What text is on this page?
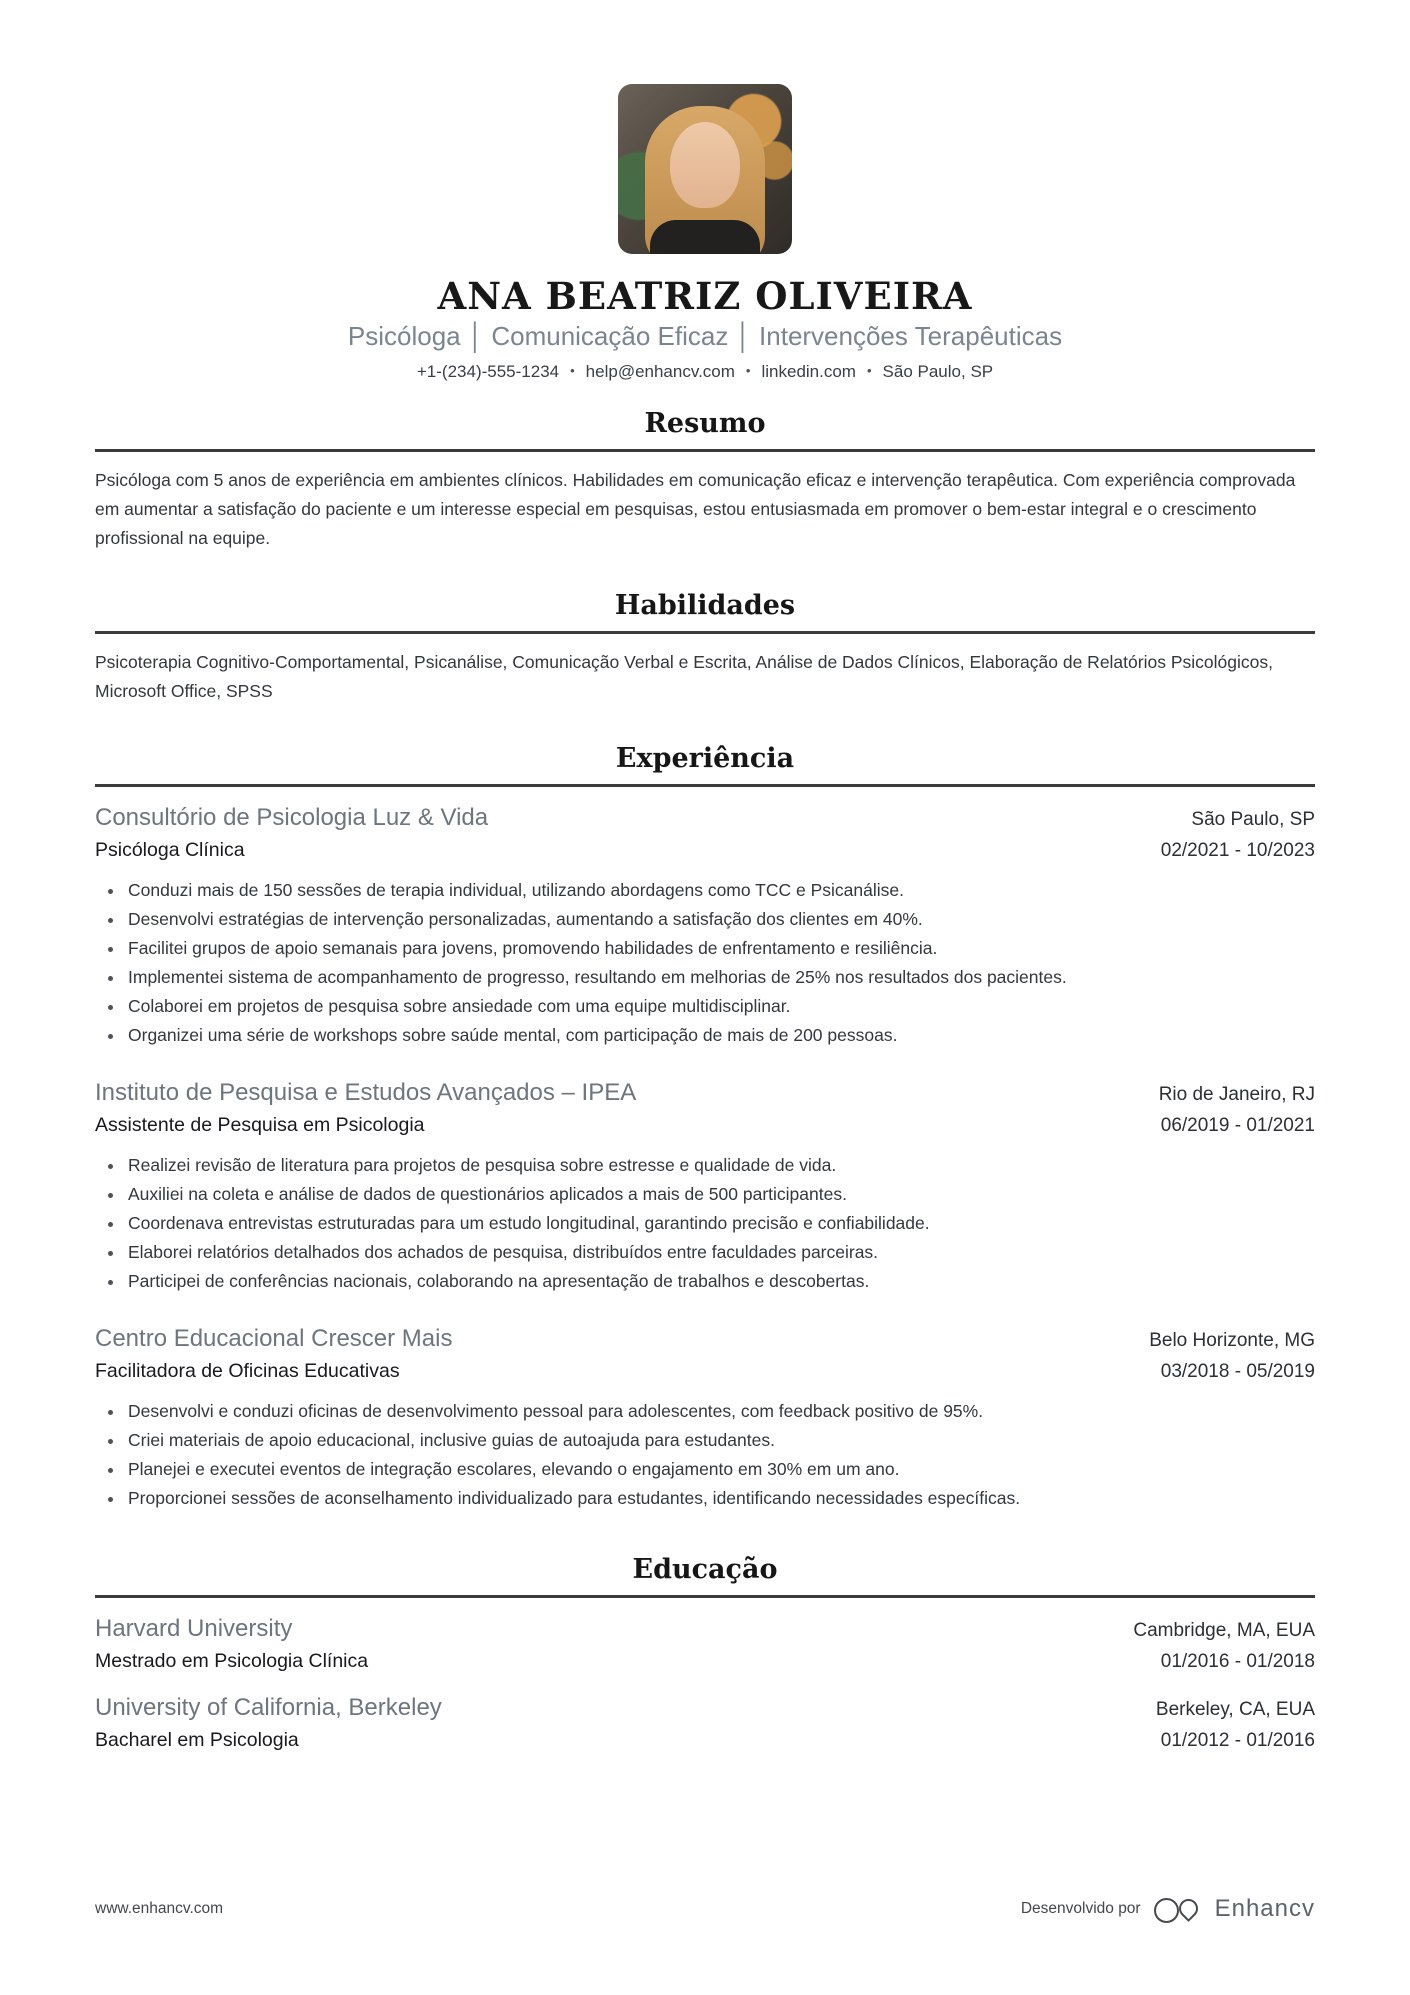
ANA BEATRIZ OLIVEIRA
Psicóloga │ Comunicação Eficaz │ Intervenções Terapêuticas
+1-(234)-555-1234 • help@enhancv.com • linkedin.com • São Paulo, SP
Resumo
Psicóloga com 5 anos de experiência em ambientes clínicos. Habilidades em comunicação eficaz e intervenção terapêutica. Com experiência comprovada em aumentar a satisfação do paciente e um interesse especial em pesquisas, estou entusiasmada em promover o bem-estar integral e o crescimento profissional na equipe.
Habilidades
Psicoterapia Cognitivo-Comportamental, Psicanálise, Comunicação Verbal e Escrita, Análise de Dados Clínicos, Elaboração de Relatórios Psicológicos, Microsoft Office, SPSS
Experiência
Consultório de Psicologia Luz & Vida	São Paulo, SP
Psicóloga Clínica	02/2021 - 10/2023
Conduzi mais de 150 sessões de terapia individual, utilizando abordagens como TCC e Psicanálise.
Desenvolvi estratégias de intervenção personalizadas, aumentando a satisfação dos clientes em 40%.
Facilitei grupos de apoio semanais para jovens, promovendo habilidades de enfrentamento e resiliência.
Implementei sistema de acompanhamento de progresso, resultando em melhorias de 25% nos resultados dos pacientes.
Colaborei em projetos de pesquisa sobre ansiedade com uma equipe multidisciplinar.
Organizei uma série de workshops sobre saúde mental, com participação de mais de 200 pessoas.
Instituto de Pesquisa e Estudos Avançados – IPEA	Rio de Janeiro, RJ
Assistente de Pesquisa em Psicologia	06/2019 - 01/2021
Realizei revisão de literatura para projetos de pesquisa sobre estresse e qualidade de vida.
Auxiliei na coleta e análise de dados de questionários aplicados a mais de 500 participantes.
Coordenava entrevistas estruturadas para um estudo longitudinal, garantindo precisão e confiabilidade.
Elaborei relatórios detalhados dos achados de pesquisa, distribuídos entre faculdades parceiras.
Participei de conferências nacionais, colaborando na apresentação de trabalhos e descobertas.
Centro Educacional Crescer Mais	Belo Horizonte, MG
Facilitadora de Oficinas Educativas	03/2018 - 05/2019
Desenvolvi e conduzi oficinas de desenvolvimento pessoal para adolescentes, com feedback positivo de 95%.
Criei materiais de apoio educacional, inclusive guias de autoajuda para estudantes.
Planejei e executei eventos de integração escolares, elevando o engajamento em 30% em um ano.
Proporcionei sessões de aconselhamento individualizado para estudantes, identificando necessidades específicas.
Educação
Harvard University	Cambridge, MA, EUA
Mestrado em Psicologia Clínica	01/2016 - 01/2018
University of California, Berkeley	Berkeley, CA, EUA
Bacharel em Psicologia	01/2012 - 01/2016
www.enhancv.com	Desenvolvido por	Enhancv
